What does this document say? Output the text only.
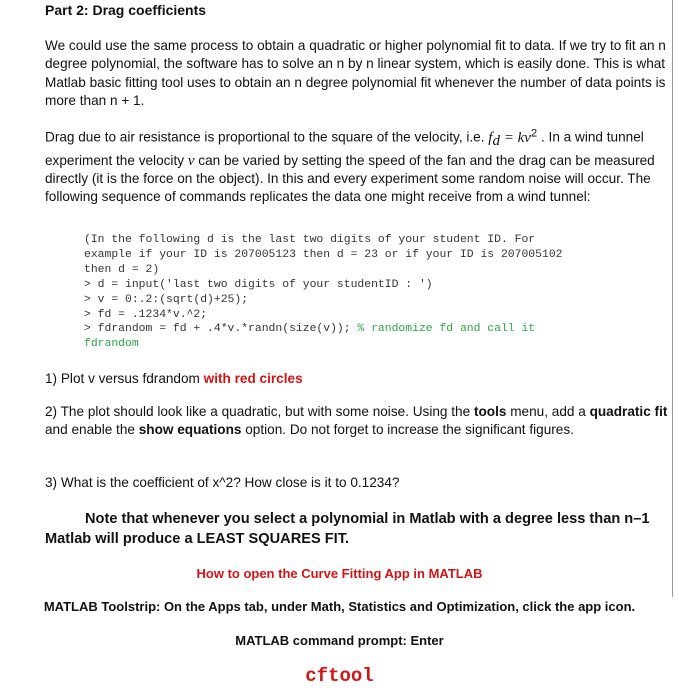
Part 2: Drag coefficients
We could use the same process to obtain a quadratic or higher polynomial fit to data. If we try to fit an n degree polynomial, the software has to solve an n by n linear system, which is easily done. This is what Matlab basic fitting tool uses to obtain an n degree polynomial fit whenever the number of data points is more than n + 1.
Drag due to air resistance is proportional to the square of the velocity, i.e. $f_d = kv^2$ . In a wind tunnel experiment the velocity v can be varied by setting the speed of the fan and the drag can be measured directly (it is the force on the object). In this and every experiment some random noise will occur. The following sequence of commands replicates the data one might receive from a wind tunnel:
(In the following d is the last two digits of your student ID. For
example if your ID is 207005123 then d = 23 or if your ID is 207005102
then d = 2)
> d = input('last two digits of your studentID : ')
> v = 0:.2:(sqrt(d)+25);
> fd = .1234*v.^2;
> fdrandom = fd + .4*v.*randn(size(v)); % randomize fd and call it
fdrandom
1) Plot v versus fdrandom with red circles
2) The plot should look like a quadratic, but with some noise. Using the tools menu, add a quadratic fit and enable the show equations option. Do not forget to increase the significant figures.
3) What is the coefficient of x^2? How close is it to 0.1234?
Note that whenever you select a polynomial in Matlab with a degree less than n–1 Matlab will produce a LEAST SQUARES FIT.
How to open the Curve Fitting App in MATLAB
MATLAB Toolstrip: On the Apps tab, under Math, Statistics and Optimization, click the app icon.
MATLAB command prompt: Enter
cftool
